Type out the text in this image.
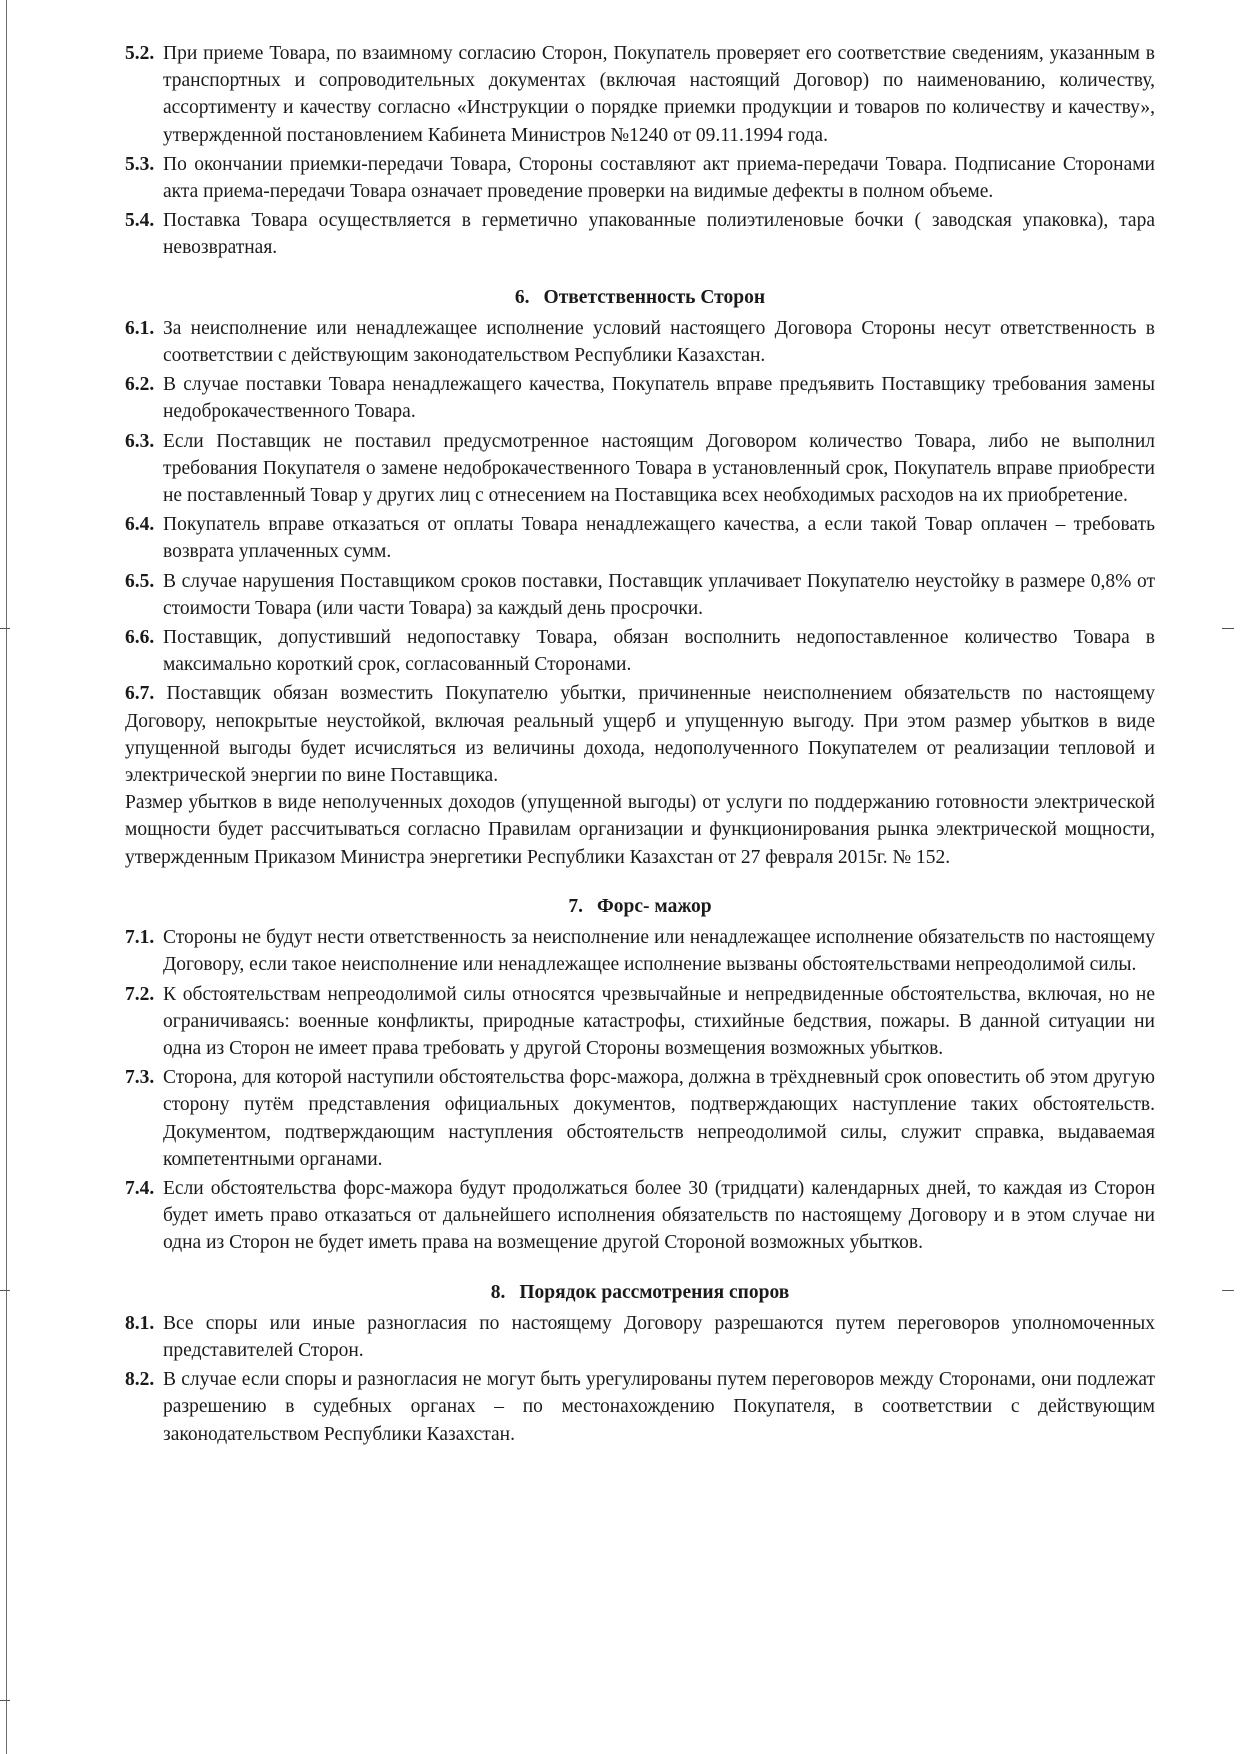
5.2. При приеме Товара, по взаимному согласию Сторон, Покупатель проверяет его соответствие сведениям, указанным в транспортных и сопроводительных документах (включая настоящий Договор) по наименованию, количеству, ассортименту и качеству согласно «Инструкции о порядке приемки продукции и товаров по количеству и качеству», утвержденной постановлением Кабинета Министров №1240 от 09.11.1994 года.
5.3. По окончании приемки-передачи Товара, Стороны составляют акт приема-передачи Товара. Подписание Сторонами акта приема-передачи Товара означает проведение проверки на видимые дефекты в полном объеме.
5.4. Поставка Товара осуществляется в герметично упакованные полиэтиленовые бочки ( заводская упаковка), тара невозвратная.
6. Ответственность Сторон
6.1. За неисполнение или ненадлежащее исполнение условий настоящего Договора Стороны несут ответственность в соответствии с действующим законодательством Республики Казахстан.
6.2. В случае поставки Товара ненадлежащего качества, Покупатель вправе предъявить Поставщику требования замены недоброкачественного Товара.
6.3. Если Поставщик не поставил предусмотренное настоящим Договором количество Товара, либо не выполнил требования Покупателя о замене недоброкачественного Товара в установленный срок, Покупатель вправе приобрести не поставленный Товар у других лиц с отнесением на Поставщика всех необходимых расходов на их приобретение.
6.4. Покупатель вправе отказаться от оплаты Товара ненадлежащего качества, а если такой Товар оплачен – требовать возврата уплаченных сумм.
6.5. В случае нарушения Поставщиком сроков поставки, Поставщик уплачивает Покупателю неустойку в размере 0,8% от стоимости Товара (или части Товара) за каждый день просрочки.
6.6. Поставщик, допустивший недопоставку Товара, обязан восполнить недопоставленное количество Товара в максимально короткий срок, согласованный Сторонами.

6.7. Поставщик обязан возместить Покупателю убытки, причиненные неисполнением обязательств по настоящему Договору, непокрытые неустойкой, включая реальный ущерб и упущенную выгоду. При этом размер убытков в виде упущенной выгоды будет исчисляться из величины дохода, недополученного Покупателем от реализации тепловой и электрической энергии по вине Поставщика.

Размер убытков в виде неполученных доходов (упущенной выгоды) от услуги по поддержанию готовности электрической мощности будет рассчитываться согласно Правилам организации и функционирования рынка электрической мощности, утвержденным Приказом Министра энергетики Республики Казахстан от 27 февраля 2015г. № 152.

7. Форс- мажор
7.1. Стороны не будут нести ответственность за неисполнение или ненадлежащее исполнение обязательств по настоящему Договору, если такое неисполнение или ненадлежащее исполнение вызваны обстоятельствами непреодолимой силы.
7.2. К обстоятельствам непреодолимой силы относятся чрезвычайные и непредвиденные обстоятельства, включая, но не ограничиваясь: военные конфликты, природные катастрофы, стихийные бедствия, пожары. В данной ситуации ни одна из Сторон не имеет права требовать у другой Стороны возмещения возможных убытков.
7.3. Сторона, для которой наступили обстоятельства форс-мажора, должна в трёхдневный срок оповестить об этом другую сторону путём представления официальных документов, подтверждающих наступление таких обстоятельств. Документом, подтверждающим наступления обстоятельств непреодолимой силы, служит справка, выдаваемая компетентными органами.
7.4. Если обстоятельства форс-мажора будут продолжаться более 30 (тридцати) календарных дней, то каждая из Сторон будет иметь право отказаться от дальнейшего исполнения обязательств по настоящему Договору и в этом случае ни одна из Сторон не будет иметь права на возмещение другой Стороной возможных убытков.
8. Порядок рассмотрения споров
8.1. Все споры или иные разногласия по настоящему Договору разрешаются путем переговоров уполномоченных представителей Сторон.
8.2. В случае если споры и разногласия не могут быть урегулированы путем переговоров между Сторонами, они подлежат разрешению в судебных органах – по местонахождению Покупателя, в соответствии с действующим законодательством Республики Казахстан.
